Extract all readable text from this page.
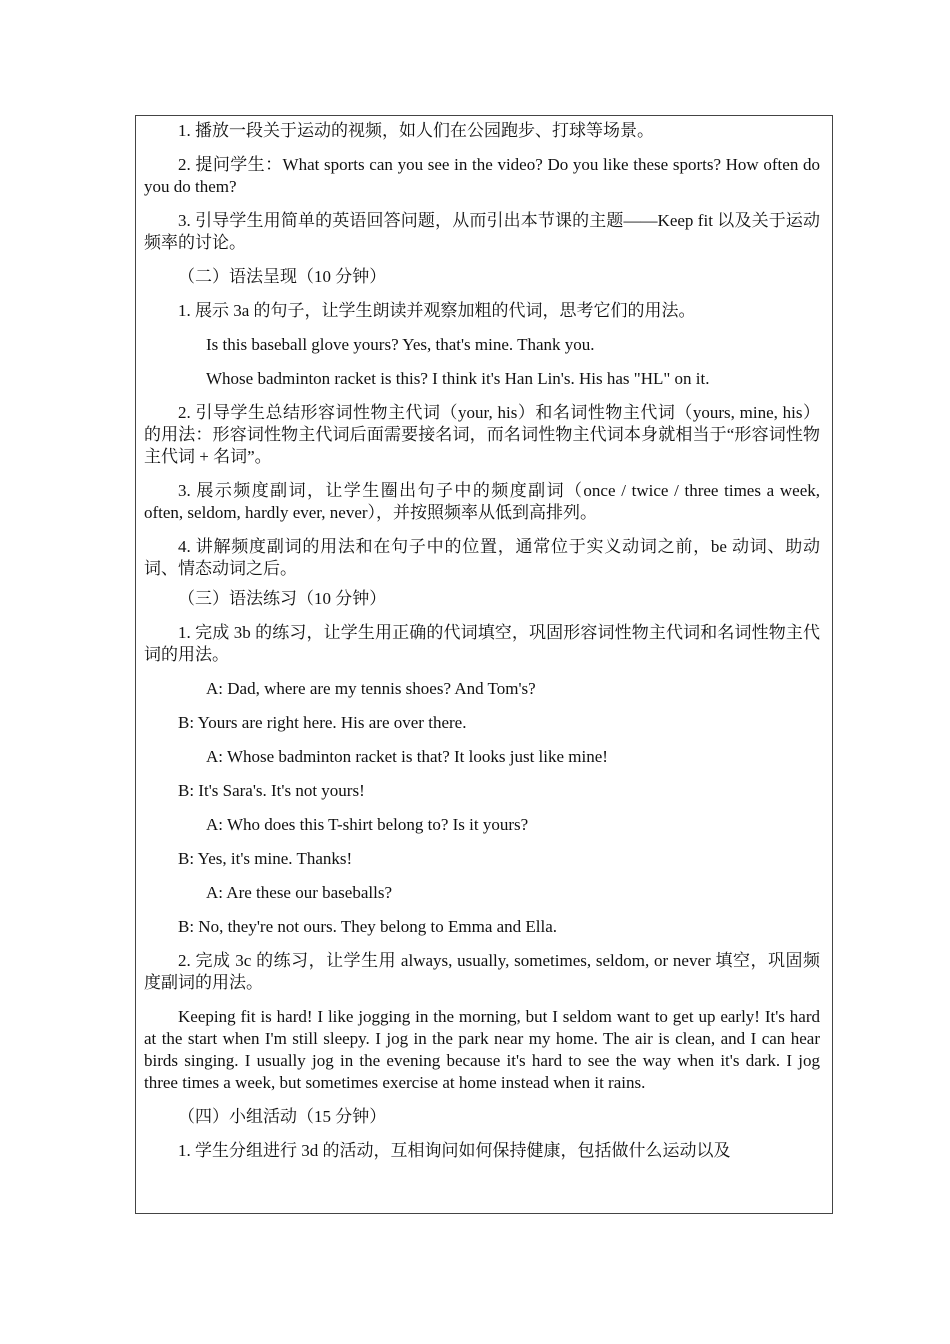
1. 播放一段关于运动的视频，如人们在公园跑步、打球等场景。

2. 提问学生：What sports can you see in the video? Do you like these sports? How often do you do them?

3. 引导学生用简单的英语回答问题，从而引出本节课的主题——Keep fit 以及关于运动频率的讨论。

（二）语法呈现（10 分钟）

1. 展示 3a 的句子，让学生朗读并观察加粗的代词，思考它们的用法。

Is this baseball glove yours? Yes, that's mine. Thank you.

Whose badminton racket is this? I think it's Han Lin's. His has "HL" on it.

2. 引导学生总结形容词性物主代词（your, his）和名词性物主代词（yours, mine, his）的用法：形容词性物主代词后面需要接名词，而名词性物主代词本身就相当于“形容词性物主代词 + 名词”。

3. 展示频度副词，让学生圈出句子中的频度副词（once / twice / three times a week, often, seldom, hardly ever, never），并按照频率从低到高排列。

4. 讲解频度副词的用法和在句子中的位置，通常位于实义动词之前，be 动词、助动词、情态动词之后。

（三）语法练习（10 分钟）

1. 完成 3b 的练习，让学生用正确的代词填空，巩固形容词性物主代词和名词性物主代词的用法。

A: Dad, where are my tennis shoes? And Tom's?

B: Yours are right here. His are over there.

A: Whose badminton racket is that? It looks just like mine!

B: It's Sara's. It's not yours!

A: Who does this T-shirt belong to? Is it yours?

B: Yes, it's mine. Thanks!

A: Are these our baseballs?

B: No, they're not ours. They belong to Emma and Ella.

2. 完成 3c 的练习，让学生用 always, usually, sometimes, seldom, or never 填空，巩固频度副词的用法。

Keeping fit is hard! I like jogging in the morning, but I seldom want to get up early! It's hard at the start when I'm still sleepy. I jog in the park near my home. The air is clean, and I can hear birds singing. I usually jog in the evening because it's hard to see the way when it's dark. I jog three times a week, but sometimes exercise at home instead when it rains.

（四）小组活动（15 分钟）

1. 学生分组进行 3d 的活动，互相询问如何保持健康，包括做什么运动以及
